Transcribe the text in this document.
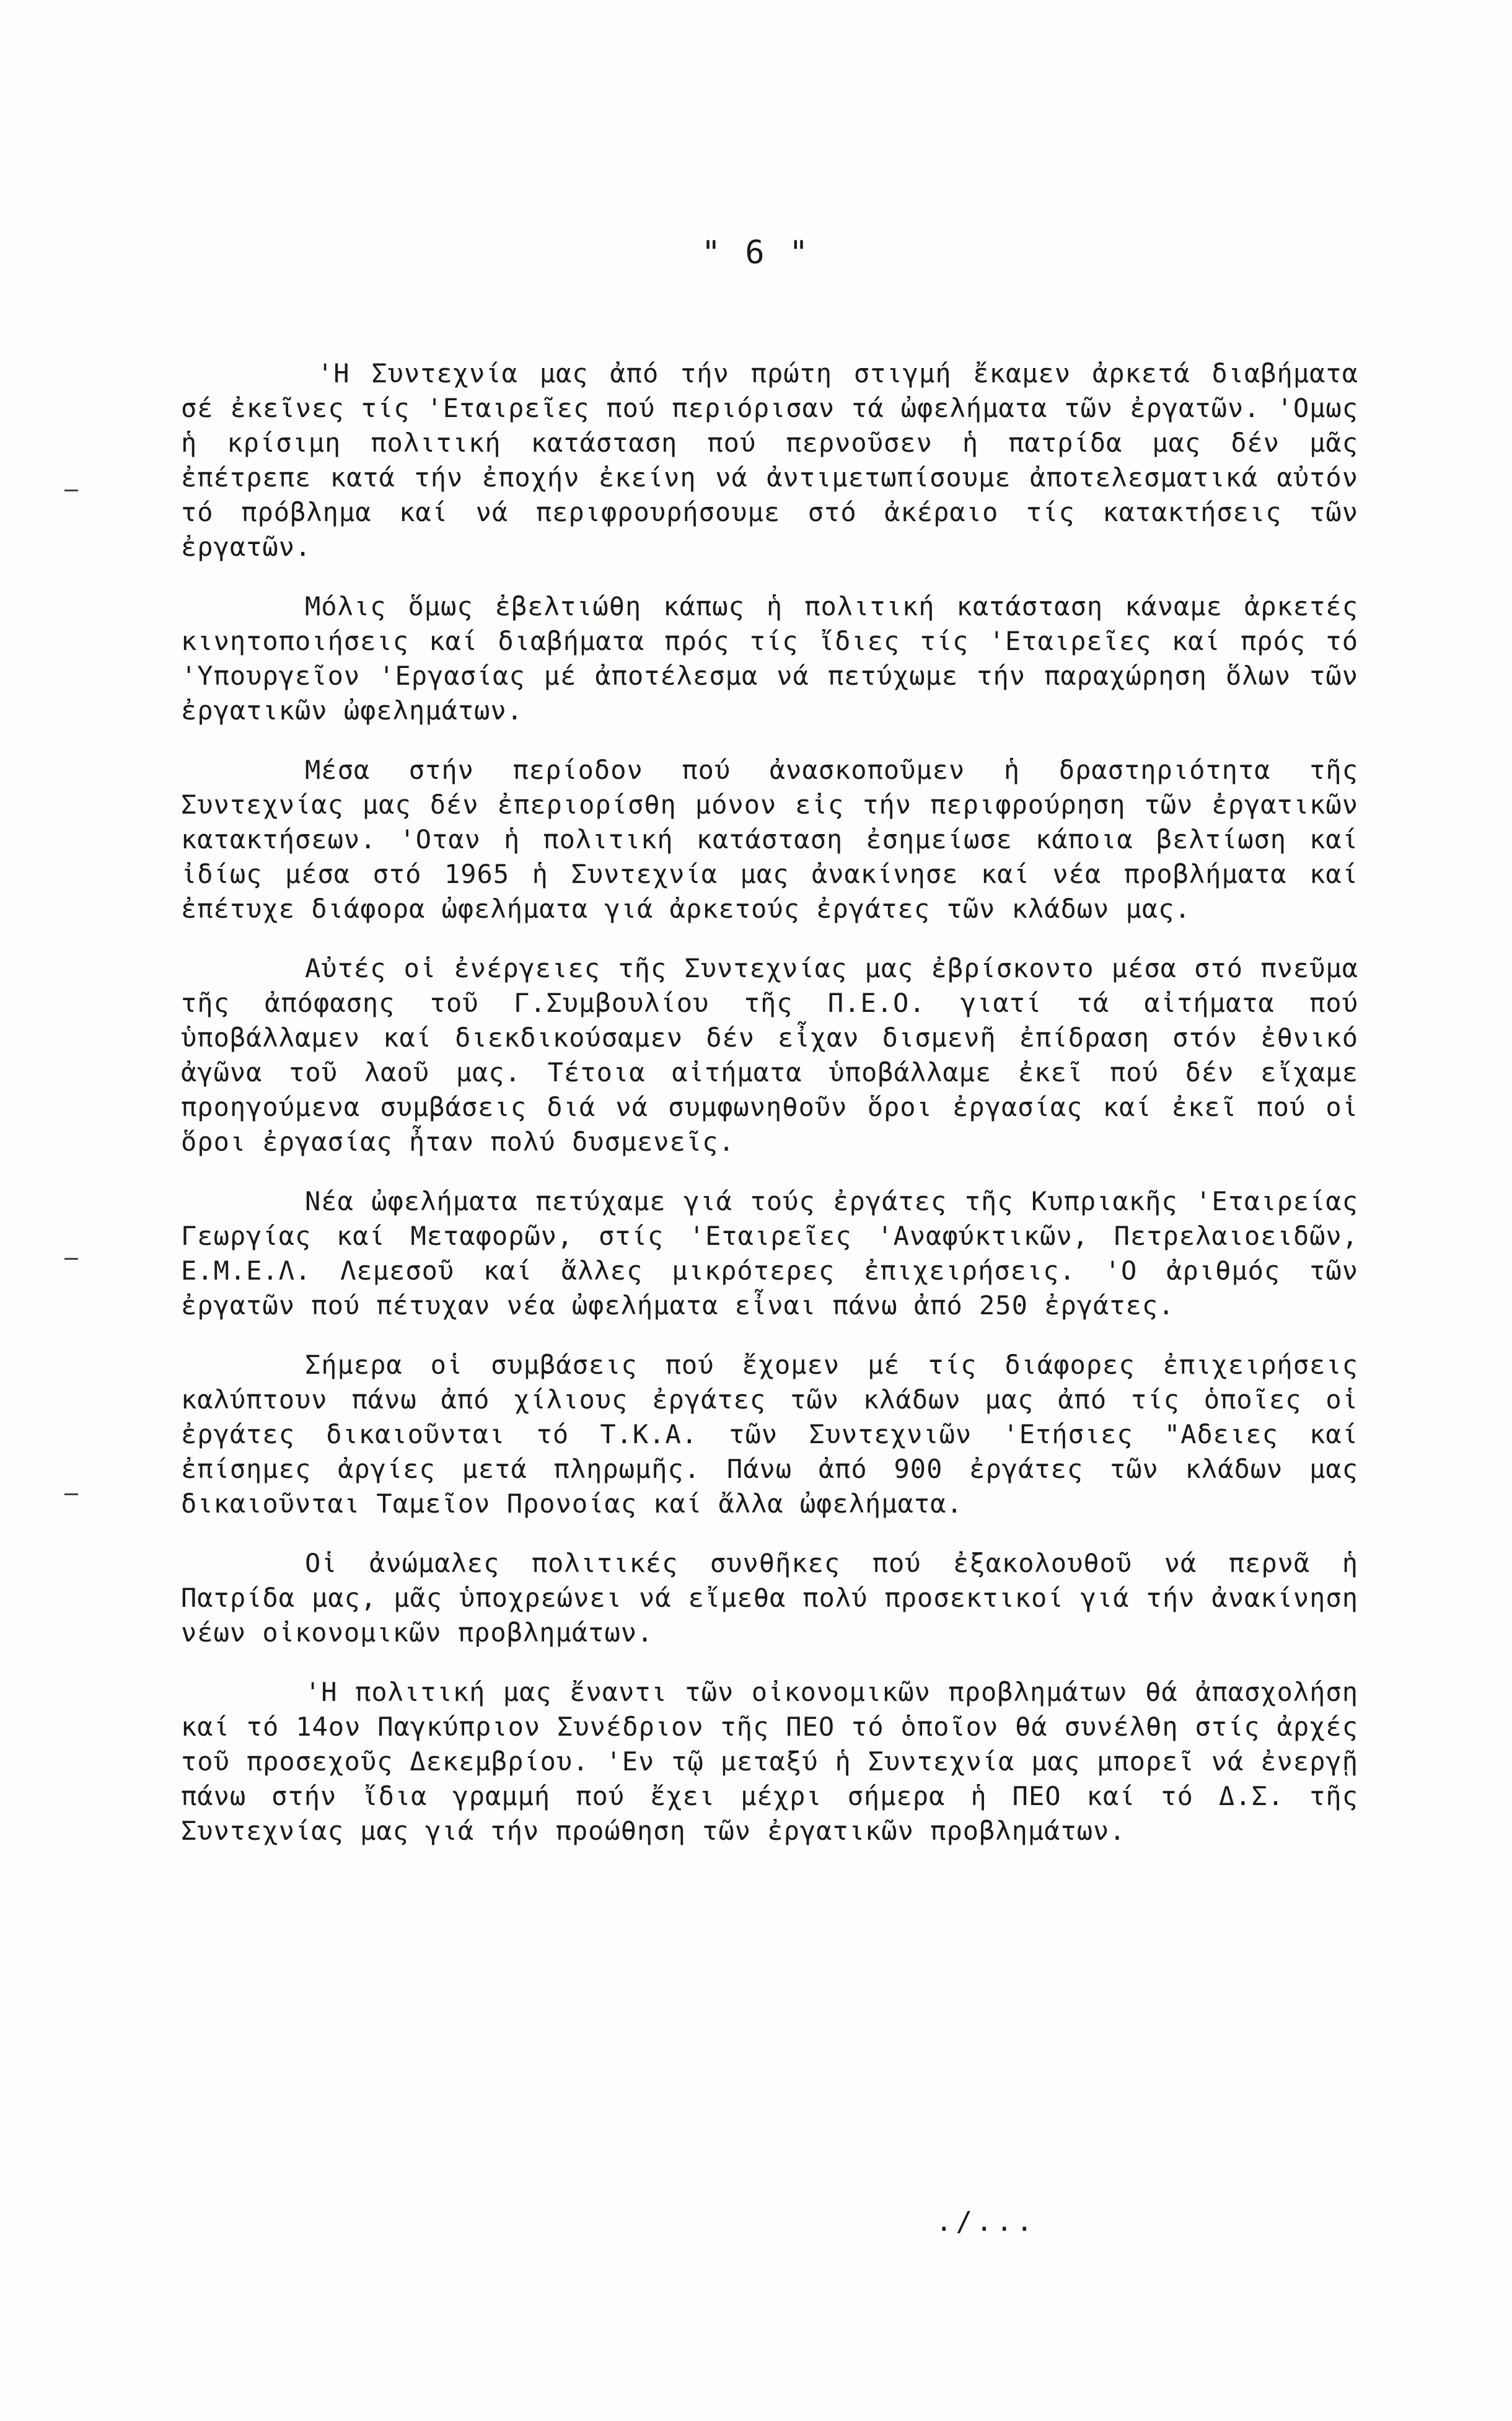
" 6 "

'Η Συντεχνία μας ἀπό τήν πρώτη στιγμή ἔκαμεν ἀρκετά διαβήματα σέ ἐκεῖνες τίς 'Εταιρεῖες πού περιόρισαν τά ὠφελήματα τῶν ἐργατῶν. 'Ομως ἡ κρίσιμη πολιτική κατάσταση πού περνοῦσεν ἡ πατρίδα μας δέν μᾶς ἐπέτρεπε κατά τήν ἐποχήν ἐκείνη νά ἀντιμετωπίσουμε ἀποτελεσματικά αὐτόν τό πρόβλημα καί νά περιφρουρήσουμε στό ἀκέραιο τίς κατακτήσεις τῶν ἐργατῶν.

Μόλις ὅμως ἐβελτιώθη κάπως ἡ πολιτική κατάσταση κάναμε ἀρκετές κινητοποιήσεις καί διαβήματα πρός τίς ἴδιες τίς 'Εταιρεῖες καί πρός τό 'Υπουργεῖον 'Εργασίας μέ ἀποτέλεσμα νά πετύχωμε τήν παραχώρηση ὅλων τῶν ἐργατικῶν ὠφελημάτων.

Μέσα στήν περίοδον πού ἀνασκοποῦμεν ἡ δραστηριότητα τῆς Συντεχνίας μας δέν ἐπεριορίσθη μόνον εἰς τήν περιφρούρηση τῶν ἐργατικῶν κατακτήσεων. 'Οταν ἡ πολιτική κατάσταση ἐσημείωσε κάποια βελτίωση καί ἰδίως μέσα στό 1965 ἡ Συντεχνία μας ἀνακίνησε καί νέα προβλήματα καί ἐπέτυχε διάφορα ὠφελήματα γιά ἀρκετούς ἐργάτες τῶν κλάδων μας.

Αὐτές οἱ ἐνέργειες τῆς Συντεχνίας μας ἐβρίσκοντο μέσα στό πνεῦμα τῆς ἀπόφασης τοῦ Γ.Συμβουλίου τῆς Π.Ε.Ο. γιατί τά αἰτήματα πού ὑποβάλλαμεν καί διεκδικούσαμεν δέν εἶχαν δισμενῆ ἐπίδραση στόν ἐθνικό ἀγῶνα τοῦ λαοῦ μας. Τέτοια αἰτήματα ὑποβάλλαμε ἐκεῖ πού δέν εἴχαμε προηγούμενα συμβάσεις διά νά συμφωνηθοῦν ὅροι ἐργασίας καί ἐκεῖ πού οἱ ὅροι ἐργασίας ἦταν πολύ δυσμενεῖς.

Νέα ὠφελήματα πετύχαμε γιά τούς ἐργάτες τῆς Κυπριακῆς 'Εταιρείας Γεωργίας καί Μεταφορῶν, στίς 'Εταιρεῖες 'Αναφύκτικῶν, Πετρελαιοειδῶν, Ε.Μ.Ε.Λ. Λεμεσοῦ καί ἄλλες μικρότερες ἐπιχειρήσεις. 'Ο ἀριθμός τῶν ἐργατῶν πού πέτυχαν νέα ὠφελήματα εἶναι πάνω ἀπό 250 ἐργάτες.

Σήμερα οἱ συμβάσεις πού ἔχομεν μέ τίς διάφορες ἐπιχειρήσεις καλύπτουν πάνω ἀπό χίλιους ἐργάτες τῶν κλάδων μας ἀπό τίς ὁποῖες οἱ ἐργάτες δικαιοῦνται τό Τ.Κ.Α. τῶν Συντεχνιῶν 'Ετήσιες "Αδειες καί ἐπίσημες ἀργίες μετά πληρωμῆς. Πάνω ἀπό 900 ἐργάτες τῶν κλάδων μας δικαιοῦνται Ταμεῖον Προνοίας καί ἄλλα ὠφελήματα.

Οἱ ἀνώμαλες πολιτικές συνθῆκες πού ἐξακολουθοῦ νά περνᾶ ἡ Πατρίδα μας, μᾶς ὑποχρεώνει νά εἴμεθα πολύ προσεκτικοί γιά τήν ἀνακίνηση νέων οἰκονομικῶν προβλημάτων.

'Η πολιτική μας ἔναντι τῶν οἰκονομικῶν προβλημάτων θά ἀπασχολήση καί τό 14ον Παγκύπριον Συνέδριον τῆς ΠΕΟ τό ὁποῖον θά συνέλθη στίς ἀρχές τοῦ προσεχοῦς Δεκεμβρίου. 'Εν τῷ μεταξύ ἡ Συντεχνία μας μπορεῖ νά ἐνεργῇ πάνω στήν ἴδια γραμμή πού ἔχει μέχρι σήμερα ἡ ΠΕΟ καί τό Δ.Σ. τῆς Συντεχνίας μας γιά τήν προώθηση τῶν ἐργατικῶν προβλημάτων.

./...
